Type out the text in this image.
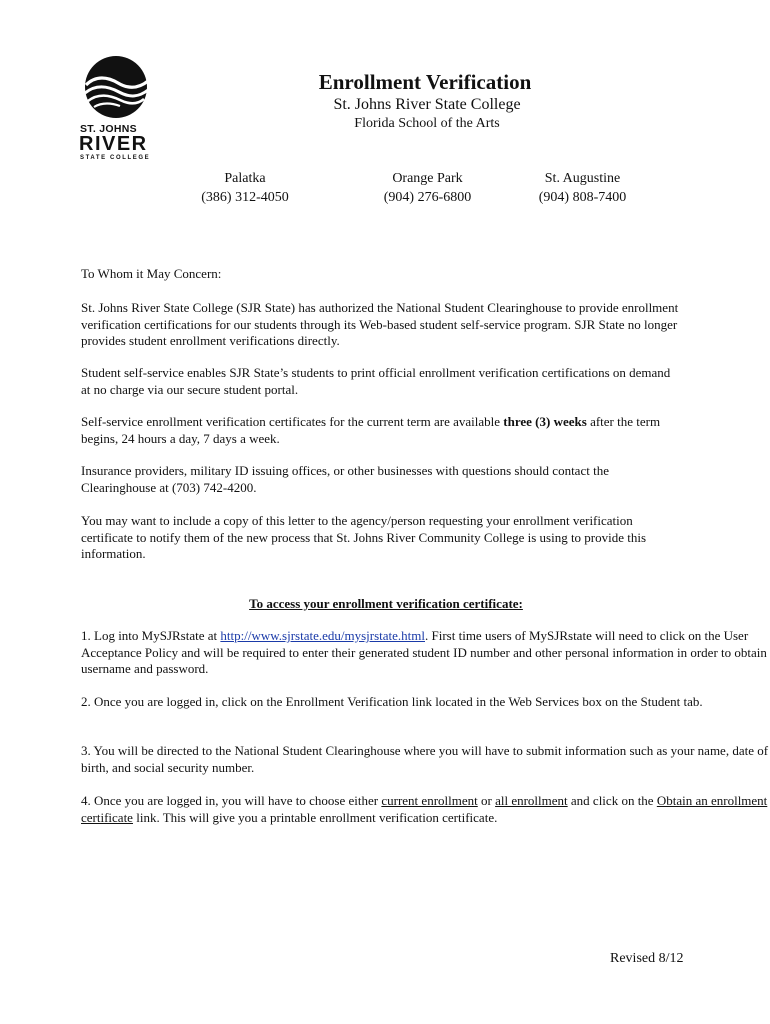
ST. JOHNS
RIVER
STATE COLLEGE
Enrollment Verification
St. Johns River State College
Florida School of the Arts
Palatka
(386) 312-4050
Orange Park
(904) 276-6800
St. Augustine
(904) 808-7400
To Whom it May Concern:

St. Johns River State College (SJR State) has authorized the National Student Clearinghouse to provide enrollment verification certifications for our students through its Web-based student self-service program. SJR State no longer provides student enrollment verifications directly.

Student self-service enables SJR State’s students to print official enrollment verification certifications on demand at no charge via our secure student portal.

Self-service enrollment verification certificates for the current term are available three (3) weeks after the term begins, 24 hours a day, 7 days a week.

Insurance providers, military ID issuing offices, or other businesses with questions should contact the Clearinghouse at (703) 742-4200.

You may want to include a copy of this letter to the agency/person requesting your enrollment verification certificate to notify them of the new process that St. Johns River Community College is using to provide this information.

To access your enrollment verification certificate:

1. Log into MySJRstate at http://www.sjrstate.edu/mysjrstate.html. First time users of MySJRstate will need to click on the User Acceptance Policy and will be required to enter their generated student ID number and other personal information in order to obtain username and password.

2. Once you are logged in, click on the Enrollment Verification link located in the Web Services box on the Student tab.

3. You will be directed to the National Student Clearinghouse where you will have to submit information such as your name, date of birth, and social security number.

4. Once you are logged in, you will have to choose either current enrollment or all enrollment and click on the Obtain an enrollment certificate link. This will give you a printable enrollment verification certificate.

Revised 8/12
